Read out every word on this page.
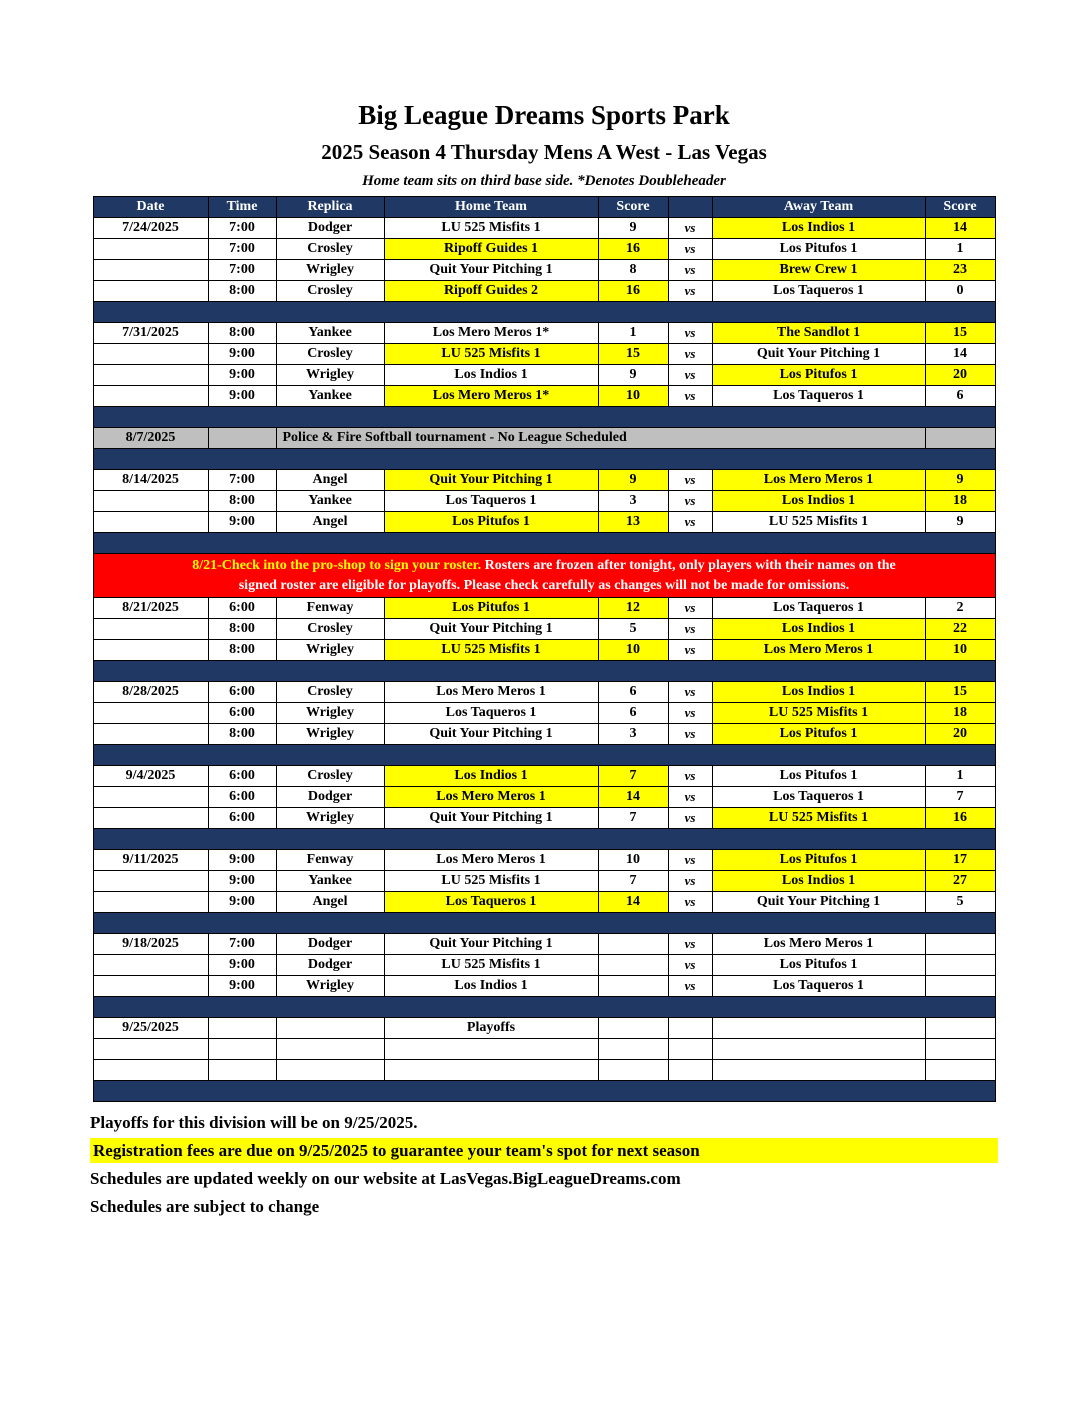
Big League Dreams Sports Park
2025 Season 4 Thursday Mens A West - Las Vegas
Home team sits on third base side. *Denotes Doubleheader
Date	Time	Replica	Home Team	Score		Away Team	Score
7/24/2025	7:00	Dodger	LU 525 Misfits 1	9	vs	Los Indios 1	14
	7:00	Crosley	Ripoff Guides 1	16	vs	Los Pitufos 1	1
	7:00	Wrigley	Quit Your Pitching 1	8	vs	Brew Crew 1	23
	8:00	Crosley	Ripoff Guides 2	16	vs	Los Taqueros 1	0

7/31/2025	8:00	Yankee	Los Mero Meros 1*	1	vs	The Sandlot 1	15
	9:00	Crosley	LU 525 Misfits 1	15	vs	Quit Your Pitching 1	14
	9:00	Wrigley	Los Indios 1	9	vs	Los Pitufos 1	20
	9:00	Yankee	Los Mero Meros 1*	10	vs	Los Taqueros 1	6

8/7/2025		Police & Fire Softball tournament - No League Scheduled					

8/14/2025	7:00	Angel	Quit Your Pitching 1	9	vs	Los Mero Meros 1	9
	8:00	Yankee	Los Taqueros 1	3	vs	Los Indios 1	18
	9:00	Angel	Los Pitufos 1	13	vs	LU 525 Misfits 1	9

8/21-Check into the pro-shop to sign your roster. Rosters are frozen after tonight, only players with their names on the
signed roster are eligible for playoffs. Please check carefully as changes will not be made for omissions.							

8/21/2025	6:00	Fenway	Los Pitufos 1	12	vs	Los Taqueros 1	2
	8:00	Crosley	Quit Your Pitching 1	5	vs	Los Indios 1	22
	8:00	Wrigley	LU 525 Misfits 1	10	vs	Los Mero Meros 1	10

8/28/2025	6:00	Crosley	Los Mero Meros 1	6	vs	Los Indios 1	15
	6:00	Wrigley	Los Taqueros 1	6	vs	LU 525 Misfits 1	18
	8:00	Wrigley	Quit Your Pitching 1	3	vs	Los Pitufos 1	20

9/4/2025	6:00	Crosley	Los Indios 1	7	vs	Los Pitufos 1	1
	6:00	Dodger	Los Mero Meros 1	14	vs	Los Taqueros 1	7
	6:00	Wrigley	Quit Your Pitching 1	7	vs	LU 525 Misfits 1	16

9/11/2025	9:00	Fenway	Los Mero Meros 1	10	vs	Los Pitufos 1	17
	9:00	Yankee	LU 525 Misfits 1	7	vs	Los Indios 1	27
	9:00	Angel	Los Taqueros 1	14	vs	Quit Your Pitching 1	5

9/18/2025	7:00	Dodger	Quit Your Pitching 1		vs	Los Mero Meros 1	
	9:00	Dodger	LU 525 Misfits 1		vs	Los Pitufos 1	
	9:00	Wrigley	Los Indios 1		vs	Los Taqueros 1	

9/25/2025			Playoffs				

Playoffs for this division will be on 9/25/2025.
Registration fees are due on 9/25/2025 to guarantee your team's spot for next season
Schedules are updated weekly on our website at LasVegas.BigLeagueDreams.com
Schedules are subject to change
